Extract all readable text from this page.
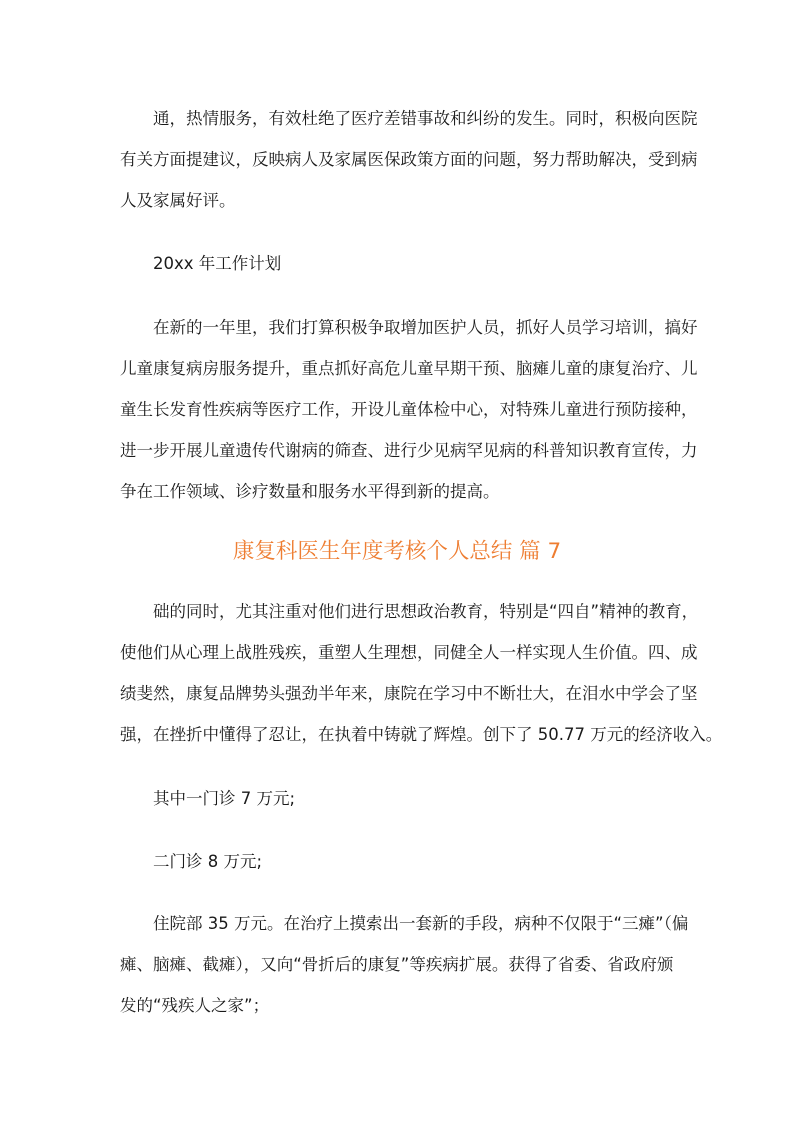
通，热情服务，有效杜绝了医疗差错事故和纠纷的发生。同时，积极向医院
有关方面提建议，反映病人及家属医保政策方面的问题，努力帮助解决，受到病
人及家属好评。
20xx 年工作计划
在新的一年里，我们打算积极争取增加医护人员，抓好人员学习培训，搞好
儿童康复病房服务提升，重点抓好高危儿童早期干预、脑瘫儿童的康复治疗、儿
童生长发育性疾病等医疗工作，开设儿童体检中心，对特殊儿童进行预防接种，
进一步开展儿童遗传代谢病的筛查、进行少见病罕见病的科普知识教育宣传，力
争在工作领域、诊疗数量和服务水平得到新的提高。
康复科医生年度考核个人总结 篇 7
础的同时，尤其注重对他们进行思想政治教育，特别是“四自”精神的教育，
使他们从心理上战胜残疾，重塑人生理想，同健全人一样实现人生价值。四、成
绩斐然，康复品牌势头强劲半年来，康院在学习中不断壮大，在泪水中学会了坚
强，在挫折中懂得了忍让，在执着中铸就了辉煌。创下了 50.77 万元的经济收入。
其中一门诊 7 万元;
二门诊 8 万元;
住院部 35 万元。在治疗上摸索出一套新的手段，病种不仅限于“三瘫”（偏
瘫、脑瘫、截瘫），又向“骨折后的康复”等疾病扩展。获得了省委、省政府颁
发的“残疾人之家”；
